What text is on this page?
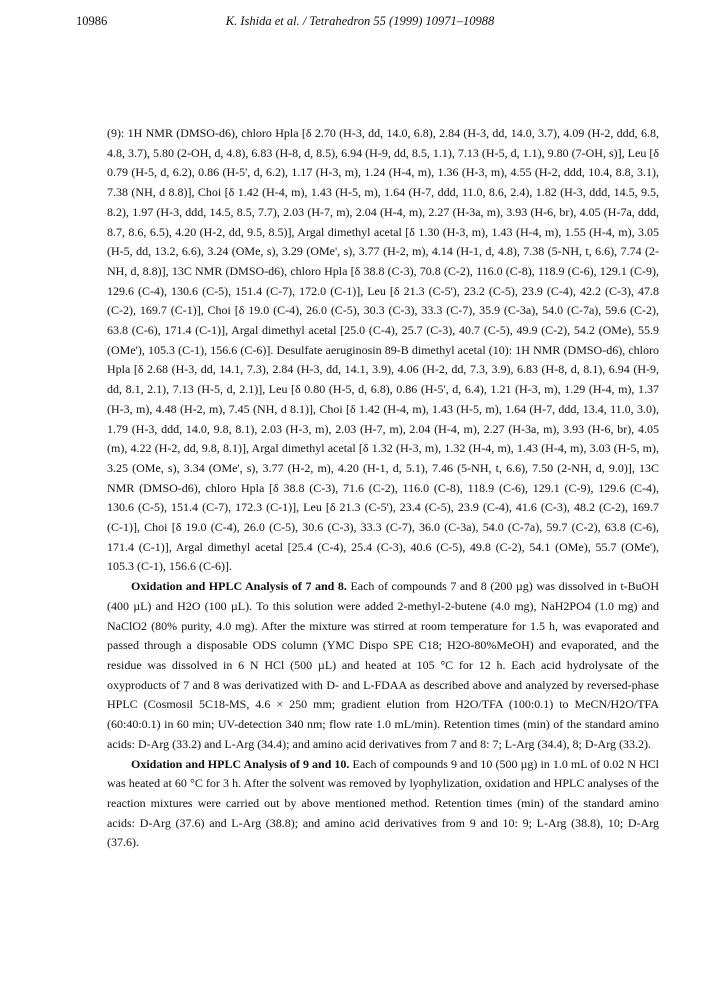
10986	K. Ishida et al. / Tetrahedron 55 (1999) 10971–10988

(9): 1H NMR (DMSO-d6), chloro Hpla [δ 2.70 (H-3, dd, 14.0, 6.8), 2.84 (H-3, dd, 14.0, 3.7), 4.09 (H-2, ddd, 6.8, 4.8, 3.7), 5.80 (2-OH, d, 4.8), 6.83 (H-8, d, 8.5), 6.94 (H-9, dd, 8.5, 1.1), 7.13 (H-5, d, 1.1), 9.80 (7-OH, s)], Leu [δ 0.79 (H-5, d, 6.2), 0.86 (H-5', d, 6.2), 1.17 (H-3, m), 1.24 (H-4, m), 1.36 (H-3, m), 4.55 (H-2, ddd, 10.4, 8.8, 3.1), 7.38 (NH, d 8.8)], Choi [δ 1.42 (H-4, m), 1.43 (H-5, m), 1.64 (H-7, ddd, 11.0, 8.6, 2.4), 1.82 (H-3, ddd, 14.5, 9.5, 8.2), 1.97 (H-3, ddd, 14.5, 8.5, 7.7), 2.03 (H-7, m), 2.04 (H-4, m), 2.27 (H-3a, m), 3.93 (H-6, br), 4.05 (H-7a, ddd, 8.7, 8.6, 6.5), 4.20 (H-2, dd, 9.5, 8.5)], Argal dimethyl acetal [δ 1.30 (H-3, m), 1.43 (H-4, m), 1.55 (H-4, m), 3.05 (H-5, dd, 13.2, 6.6), 3.24 (OMe, s), 3.29 (OMe', s), 3.77 (H-2, m), 4.14 (H-1, d, 4.8), 7.38 (5-NH, t, 6.6), 7.74 (2-NH, d, 8.8)], 13C NMR (DMSO-d6), chloro Hpla [δ 38.8 (C-3), 70.8 (C-2), 116.0 (C-8), 118.9 (C-6), 129.1 (C-9), 129.6 (C-4), 130.6 (C-5), 151.4 (C-7), 172.0 (C-1)], Leu [δ 21.3 (C-5'), 23.2 (C-5), 23.9 (C-4), 42.2 (C-3), 47.8 (C-2), 169.7 (C-1)], Choi [δ 19.0 (C-4), 26.0 (C-5), 30.3 (C-3), 33.3 (C-7), 35.9 (C-3a), 54.0 (C-7a), 59.6 (C-2), 63.8 (C-6), 171.4 (C-1)], Argal dimethyl acetal [25.0 (C-4), 25.7 (C-3), 40.7 (C-5), 49.9 (C-2), 54.2 (OMe), 55.9 (OMe'), 105.3 (C-1), 156.6 (C-6)]. Desulfate aeruginosin 89-B dimethyl acetal (10): 1H NMR (DMSO-d6), chloro Hpla [δ 2.68 (H-3, dd, 14.1, 7.3), 2.84 (H-3, dd, 14.1, 3.9), 4.06 (H-2, dd, 7.3, 3.9), 6.83 (H-8, d, 8.1), 6.94 (H-9, dd, 8.1, 2.1), 7.13 (H-5, d, 2.1)], Leu [δ 0.80 (H-5, d, 6.8), 0.86 (H-5', d, 6.4), 1.21 (H-3, m), 1.29 (H-4, m), 1.37 (H-3, m), 4.48 (H-2, m), 7.45 (NH, d 8.1)], Choi [δ 1.42 (H-4, m), 1.43 (H-5, m), 1.64 (H-7, ddd, 13.4, 11.0, 3.0), 1.79 (H-3, ddd, 14.0, 9.8, 8.1), 2.03 (H-3, m), 2.03 (H-7, m), 2.04 (H-4, m), 2.27 (H-3a, m), 3.93 (H-6, br), 4.05 (m), 4.22 (H-2, dd, 9.8, 8.1)], Argal dimethyl acetal [δ 1.32 (H-3, m), 1.32 (H-4, m), 1.43 (H-4, m), 3.03 (H-5, m), 3.25 (OMe, s), 3.34 (OMe', s), 3.77 (H-2, m), 4.20 (H-1, d, 5.1), 7.46 (5-NH, t, 6.6), 7.50 (2-NH, d, 9.0)], 13C NMR (DMSO-d6), chloro Hpla [δ 38.8 (C-3), 71.6 (C-2), 116.0 (C-8), 118.9 (C-6), 129.1 (C-9), 129.6 (C-4), 130.6 (C-5), 151.4 (C-7), 172.3 (C-1)], Leu [δ 21.3 (C-5'), 23.4 (C-5), 23.9 (C-4), 41.6 (C-3), 48.2 (C-2), 169.7 (C-1)], Choi [δ 19.0 (C-4), 26.0 (C-5), 30.6 (C-3), 33.3 (C-7), 36.0 (C-3a), 54.0 (C-7a), 59.7 (C-2), 63.8 (C-6), 171.4 (C-1)], Argal dimethyl acetal [25.4 (C-4), 25.4 (C-3), 40.6 (C-5), 49.8 (C-2), 54.1 (OMe), 55.7 (OMe'), 105.3 (C-1), 156.6 (C-6)].

Oxidation and HPLC Analysis of 7 and 8. Each of compounds 7 and 8 (200 µg) was dissolved in t-BuOH (400 µL) and H2O (100 µL). To this solution were added 2-methyl-2-butene (4.0 mg), NaH2PO4 (1.0 mg) and NaClO2 (80% purity, 4.0 mg). After the mixture was stirred at room temperature for 1.5 h, was evaporated and passed through a disposable ODS column (YMC Dispo SPE C18; H2O-80%MeOH) and evaporated, and the residue was dissolved in 6 N HCl (500 µL) and heated at 105 °C for 12 h. Each acid hydrolysate of the oxyproducts of 7 and 8 was derivatized with D- and L-FDAA as described above and analyzed by reversed-phase HPLC (Cosmosil 5C18-MS, 4.6 × 250 mm; gradient elution from H2O/TFA (100:0.1) to MeCN/H2O/TFA (60:40:0.1) in 60 min; UV-detection 340 nm; flow rate 1.0 mL/min). Retention times (min) of the standard amino acids: D-Arg (33.2) and L-Arg (34.4); and amino acid derivatives from 7 and 8: 7; L-Arg (34.4), 8; D-Arg (33.2).

Oxidation and HPLC Analysis of 9 and 10. Each of compounds 9 and 10 (500 µg) in 1.0 mL of 0.02 N HCl was heated at 60 °C for 3 h. After the solvent was removed by lyophylization, oxidation and HPLC analyses of the reaction mixtures were carried out by above mentioned method. Retention times (min) of the standard amino acids: D-Arg (37.6) and L-Arg (38.8); and amino acid derivatives from 9 and 10: 9; L-Arg (38.8), 10; D-Arg (37.6).
